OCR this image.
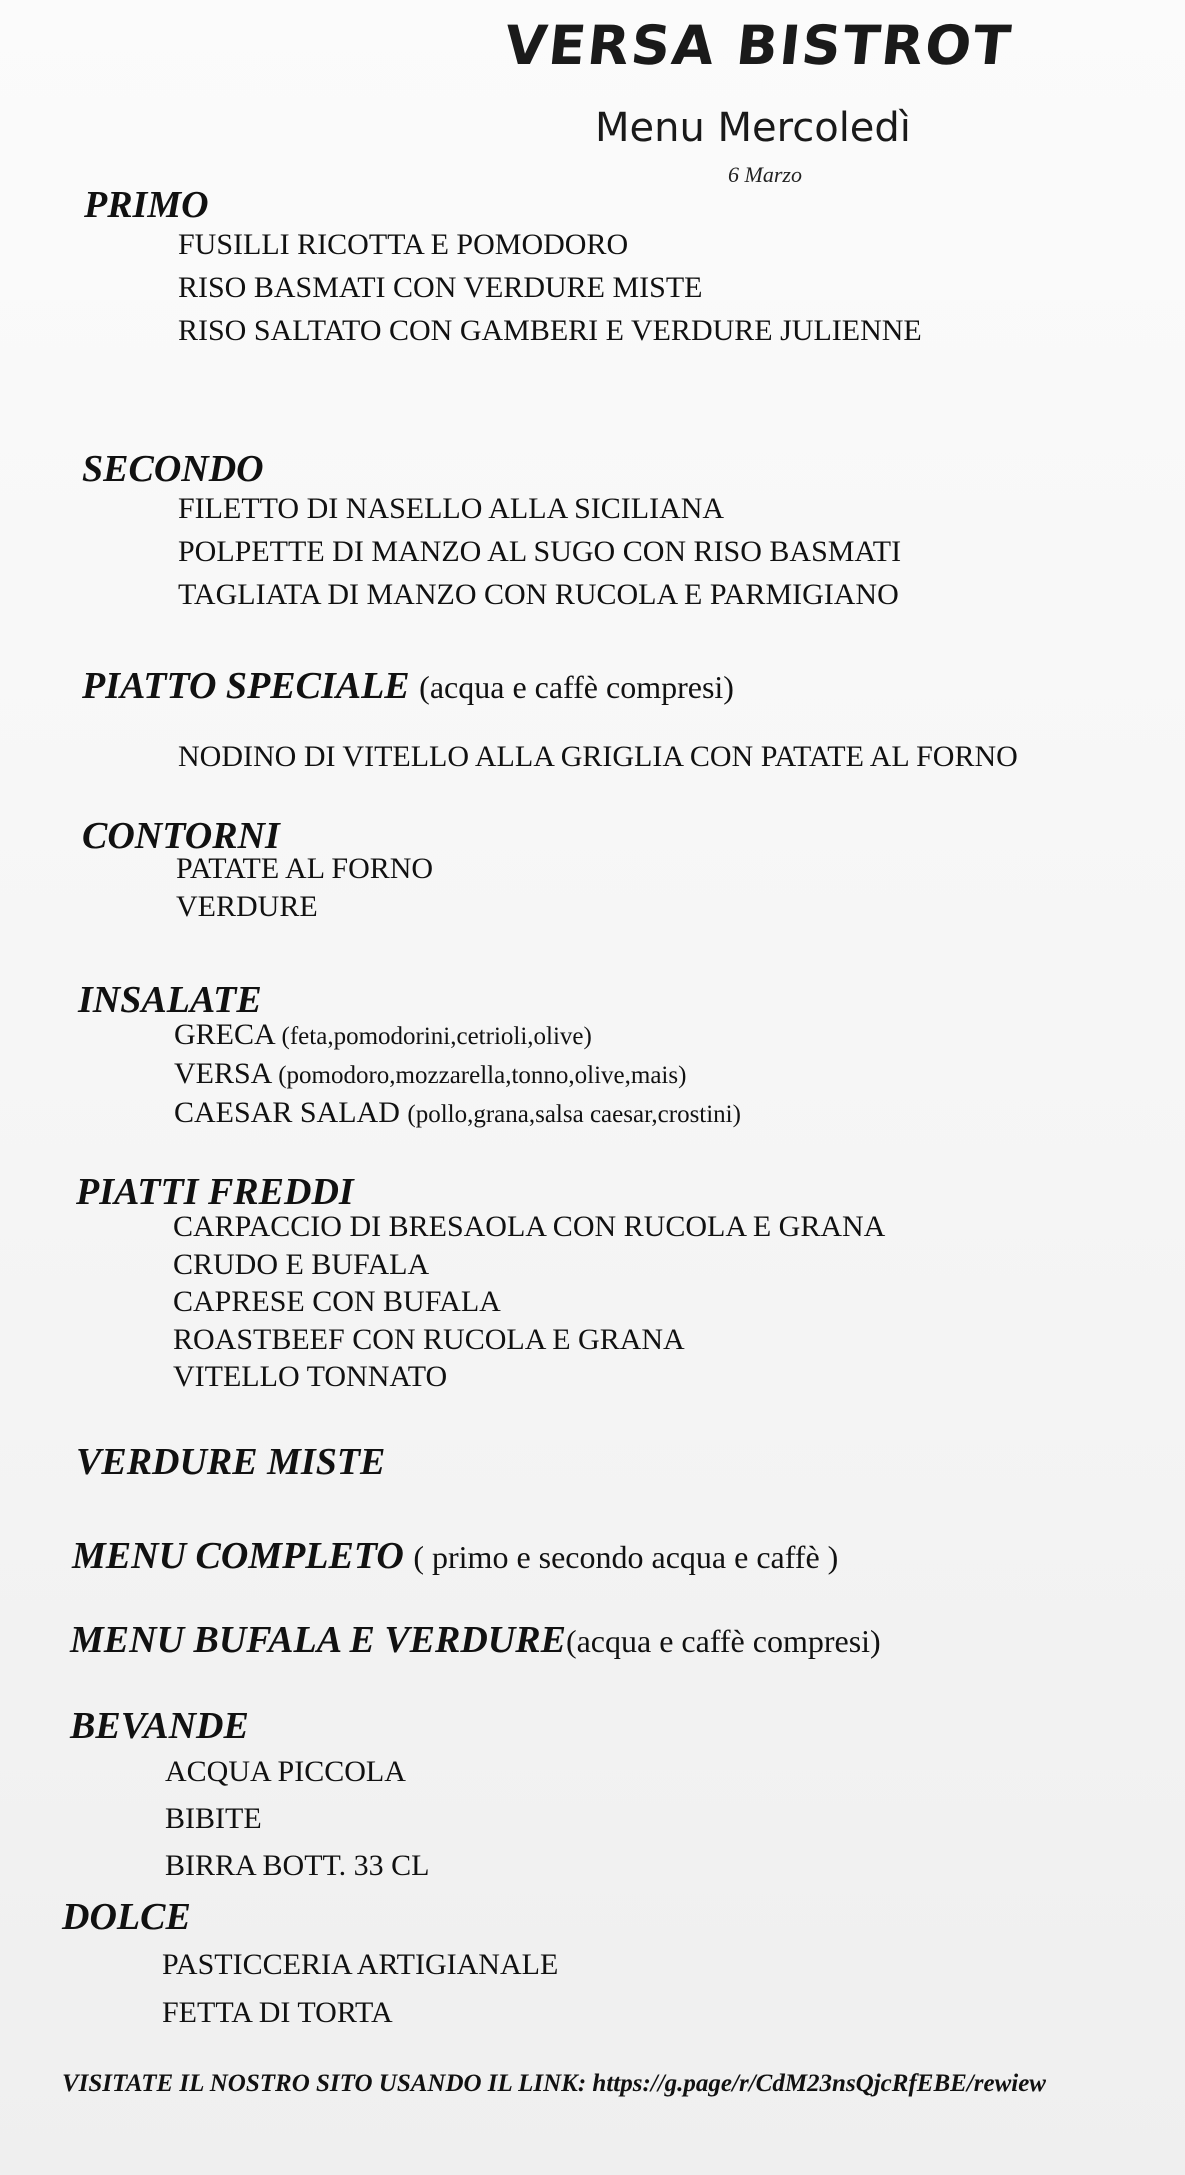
VERSA BISTROT
Menu Mercoledì
6 Marzo
PRIMO
FUSILLI RICOTTA E POMODORO
RISO BASMATI CON VERDURE MISTE
RISO SALTATO CON GAMBERI E VERDURE JULIENNE
SECONDO
FILETTO DI NASELLO ALLA SICILIANA
POLPETTE DI MANZO AL SUGO CON RISO BASMATI
TAGLIATA DI MANZO CON RUCOLA E PARMIGIANO
PIATTO SPECIALE (acqua e caffè compresi)
NODINO DI VITELLO ALLA GRIGLIA CON PATATE AL FORNO
CONTORNI
PATATE AL FORNO
VERDURE
INSALATE
GRECA (feta,pomodorini,cetrioli,olive)
VERSA (pomodoro,mozzarella,tonno,olive,mais)
CAESAR SALAD (pollo,grana,salsa caesar,crostini)
PIATTI FREDDI
CARPACCIO DI BRESAOLA CON RUCOLA E GRANA
CRUDO E BUFALA
CAPRESE CON BUFALA
ROASTBEEF CON RUCOLA E GRANA
VITELLO TONNATO
VERDURE MISTE
MENU COMPLETO ( primo e secondo acqua e caffè )
MENU BUFALA E VERDURE(acqua e caffè compresi)
BEVANDE
ACQUA PICCOLA
BIBITE
BIRRA BOTT. 33 CL
DOLCE
PASTICCERIA ARTIGIANALE
FETTA DI TORTA
VISITATE IL NOSTRO SITO USANDO IL LINK: https://g.page/r/CdM23nsQjcRfEBE/rewiew
